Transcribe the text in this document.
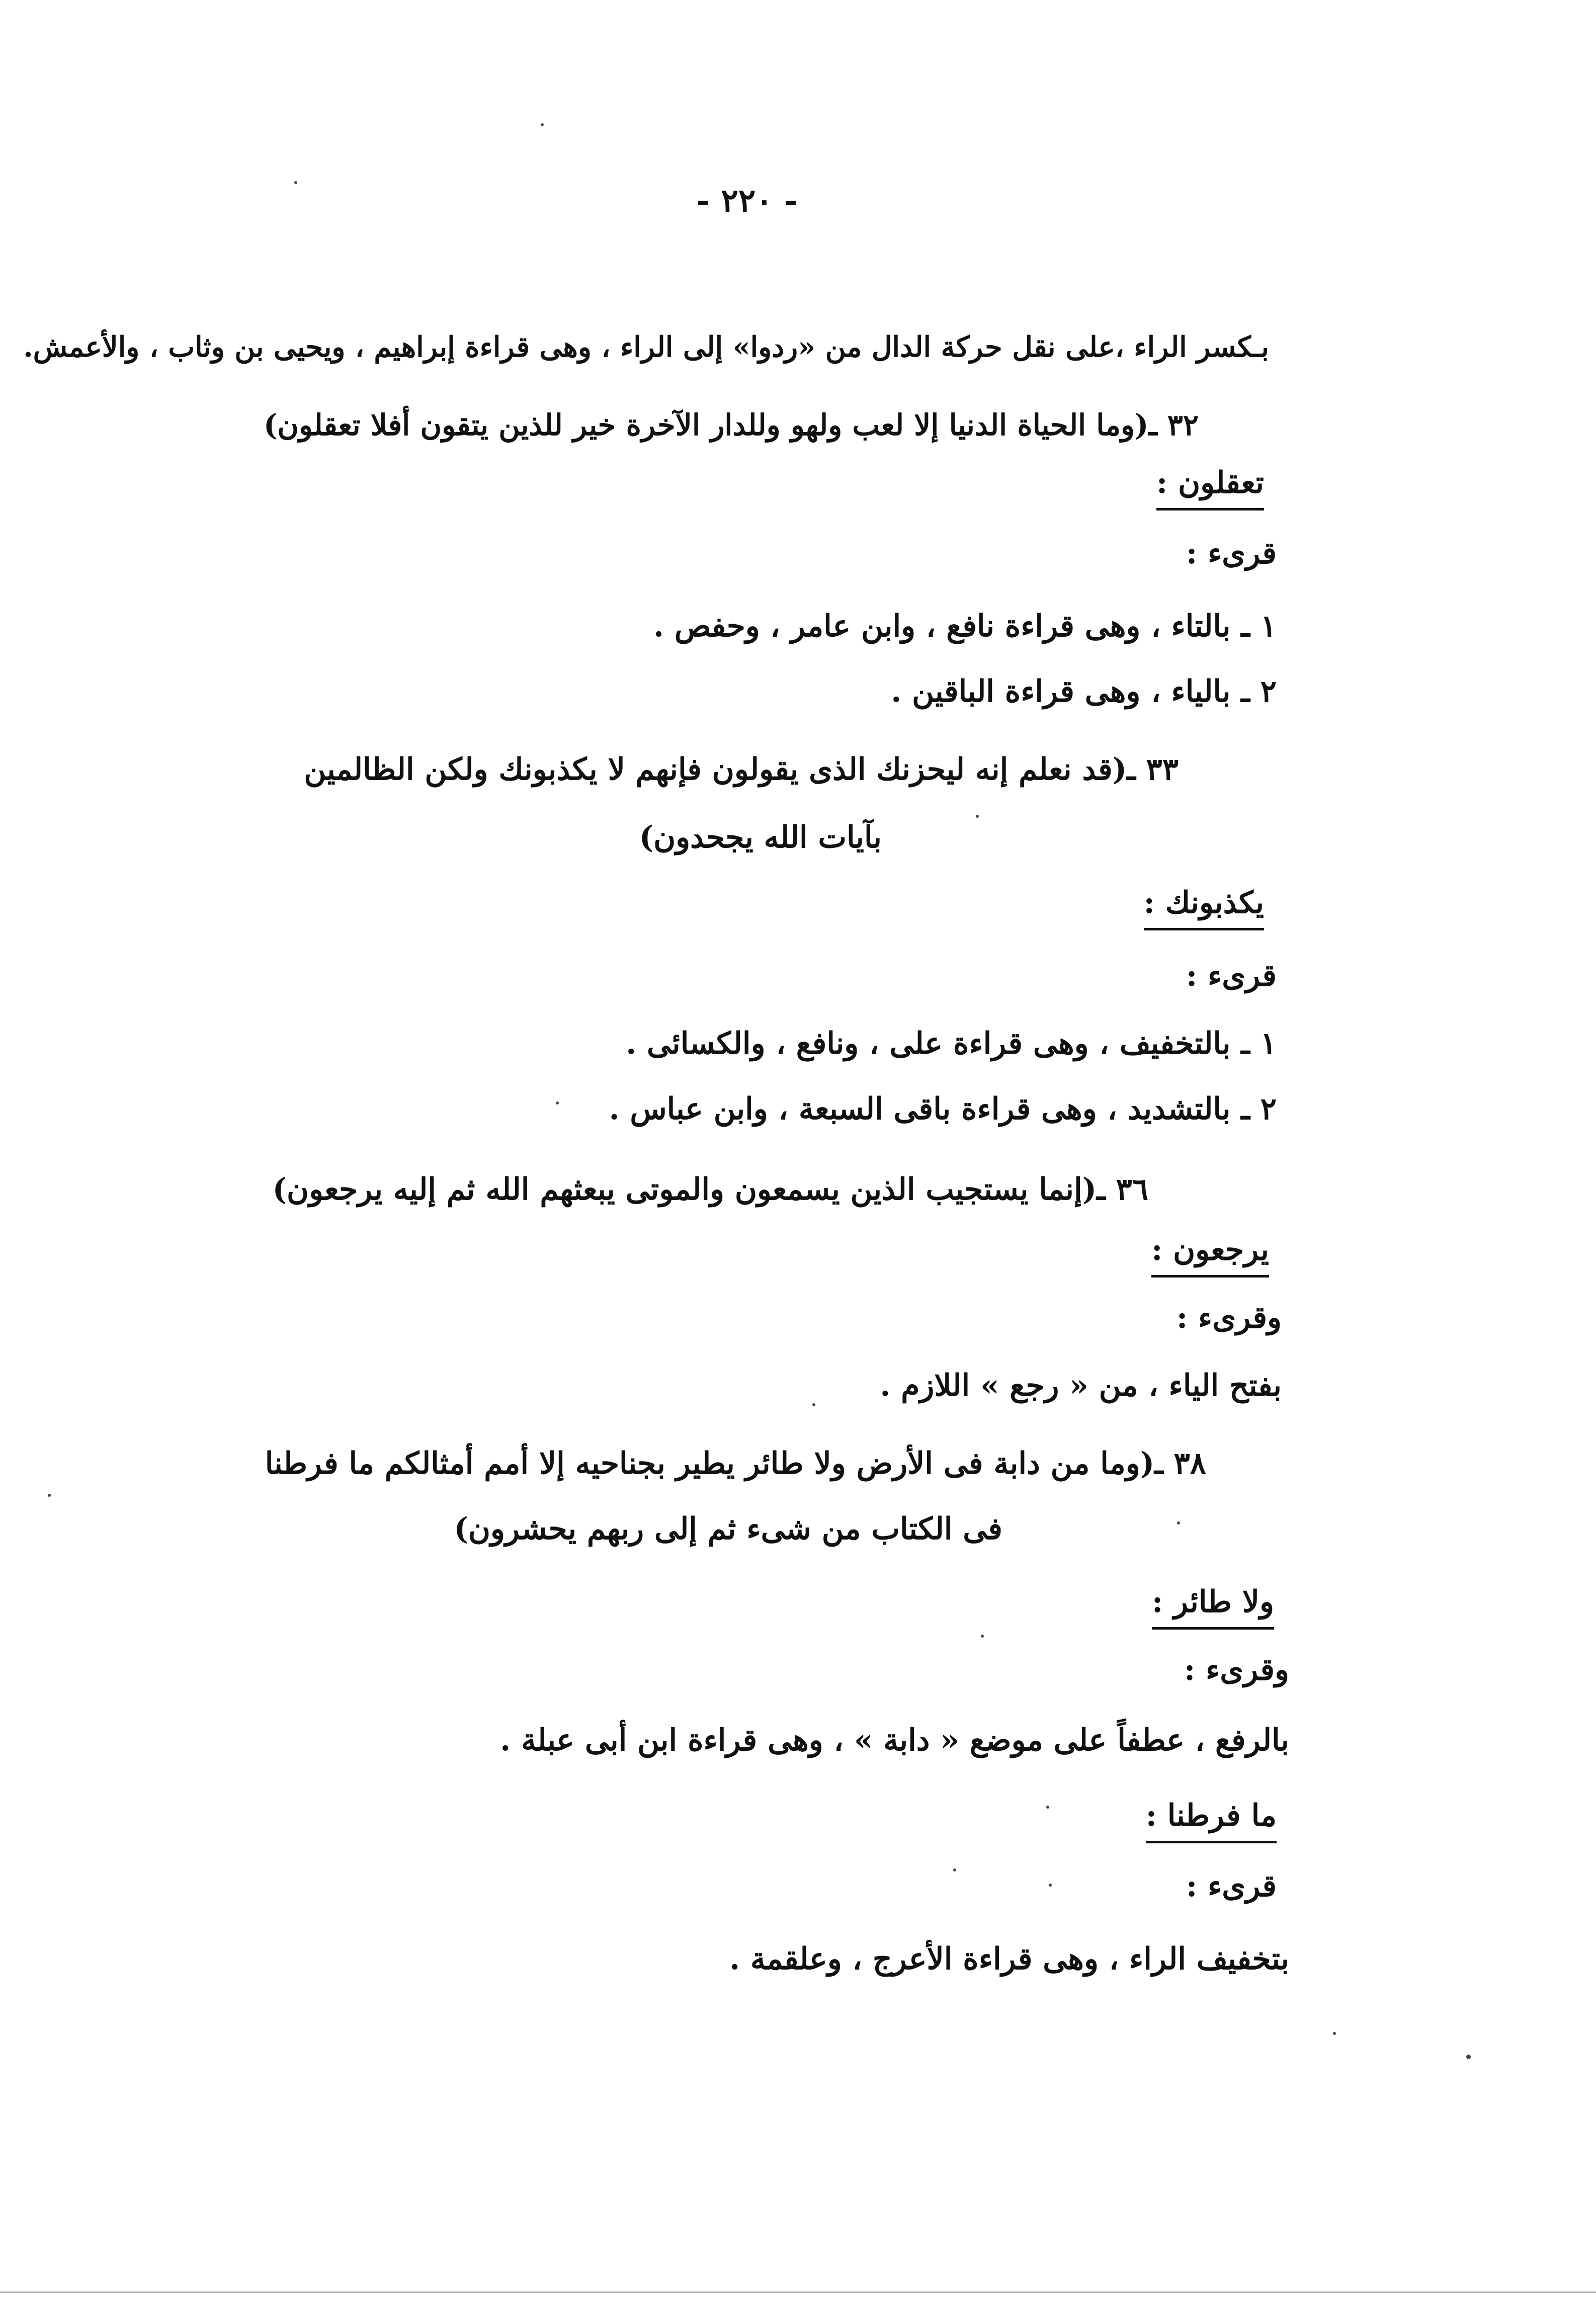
- ٢٢٠ -
بـكسر الراء ،على نقل حركة الدال من «ردوا» إلى الراء ، وهى قراءة إبراهيم ، ويحيى بن وثاب ، والأعمش.
٣٢ ـ(وما الحياة الدنيا إلا لعب ولهو وللدار الآخرة خير للذين يتقون أفلا تعقلون)
تعقلون :
قرىء :
١ ـ بالتاء ، وهى قراءة نافع ، وابن عامر ، وحفص .
٢ ـ بالياء ، وهى قراءة الباقين .
٣٣ ـ(قد نعلم إنه ليحزنك الذى يقولون فإنهم لا يكذبونك ولكن الظالمين
بآيات الله يجحدون)
يكذبونك :
قرىء :
١ ـ بالتخفيف ، وهى قراءة على ، ونافع ، والكسائى .
٢ ـ بالتشديد ، وهى قراءة باقى السبعة ، وابن عباس .
٣٦ ـ(إنما يستجيب الذين يسمعون والموتى يبعثهم الله ثم إليه يرجعون)
يرجعون :
وقرىء :
بفتح الياء ، من « رجع » اللازم .
٣٨ ـ(وما من دابة فى الأرض ولا طائر يطير بجناحيه إلا أمم أمثالكم ما فرطنا
فى الكتاب من شىء ثم إلى ربهم يحشرون)
ولا طائر :
وقرىء :
بالرفع ، عطفاً على موضع « دابة » ، وهى قراءة ابن أبى عبلة .
ما فرطنا :
قرىء :
بتخفيف الراء ، وهى قراءة الأعرج ، وعلقمة .
